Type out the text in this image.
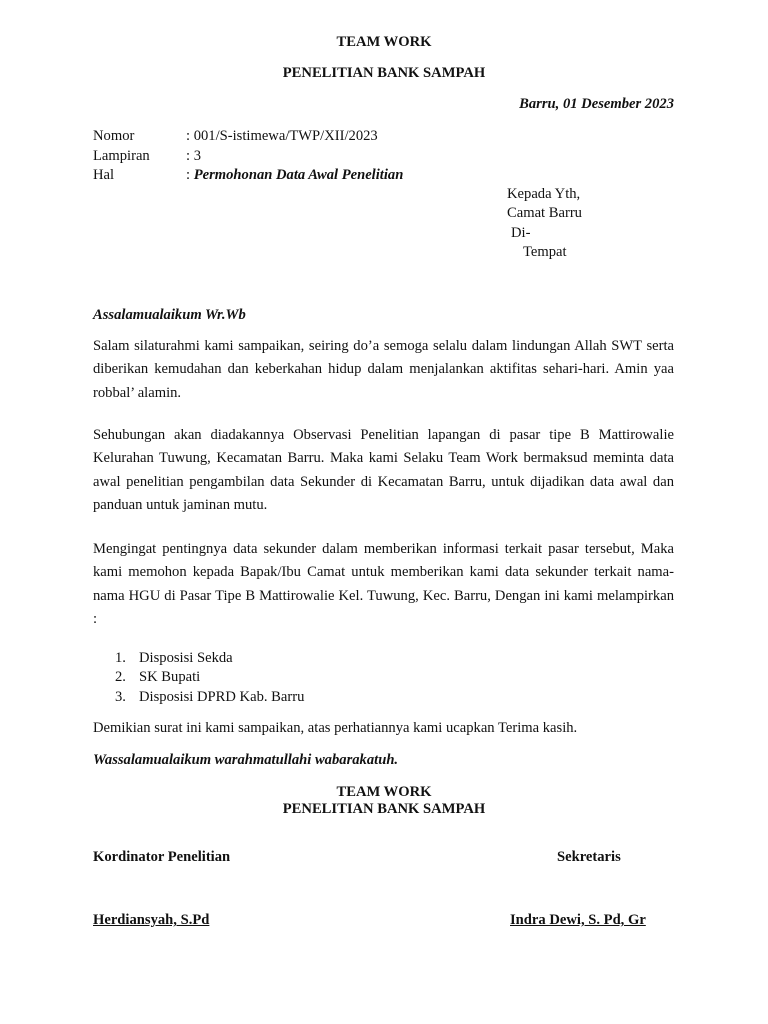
TEAM WORK
PENELITIAN BANK SAMPAH
Barru, 01 Desember 2023
Nomor	: 001/S-istimewa/TWP/XII/2023
Lampiran : 3
Hal	: Permohonan Data Awal Penelitian
Kepada Yth,
Camat Barru
Di-
Tempat
Assalamualaikum Wr.Wb
Salam silaturahmi kami sampaikan, seiring do’a semoga selalu dalam lindungan Allah SWT serta diberikan kemudahan dan keberkahan hidup dalam menjalankan aktifitas sehari-hari. Amin yaa robbal’ alamin.
Sehubungan akan diadakannya Observasi Penelitian lapangan di pasar tipe B Mattirowalie Kelurahan Tuwung, Kecamatan Barru. Maka kami Selaku Team Work bermaksud meminta data awal penelitian pengambilan data Sekunder di Kecamatan Barru, untuk dijadikan data awal dan panduan untuk jaminan mutu.
Mengingat pentingnya data sekunder dalam memberikan informasi terkait pasar tersebut, Maka kami memohon kepada Bapak/Ibu Camat untuk memberikan kami data sekunder terkait nama-nama HGU di Pasar Tipe B Mattirowalie Kel. Tuwung, Kec. Barru, Dengan ini kami melampirkan :
1. Disposisi Sekda
2. SK Bupati
3. Disposisi DPRD Kab. Barru
Demikian surat ini kami sampaikan, atas perhatiannya kami ucapkan Terima kasih.
Wassalamualaikum warahmatullahi wabarakatuh.
TEAM WORK
PENELITIAN BANK SAMPAH
Kordinator Penelitian	Sekretaris
Herdiansyah, S.Pd	Indra Dewi, S. Pd, Gr
